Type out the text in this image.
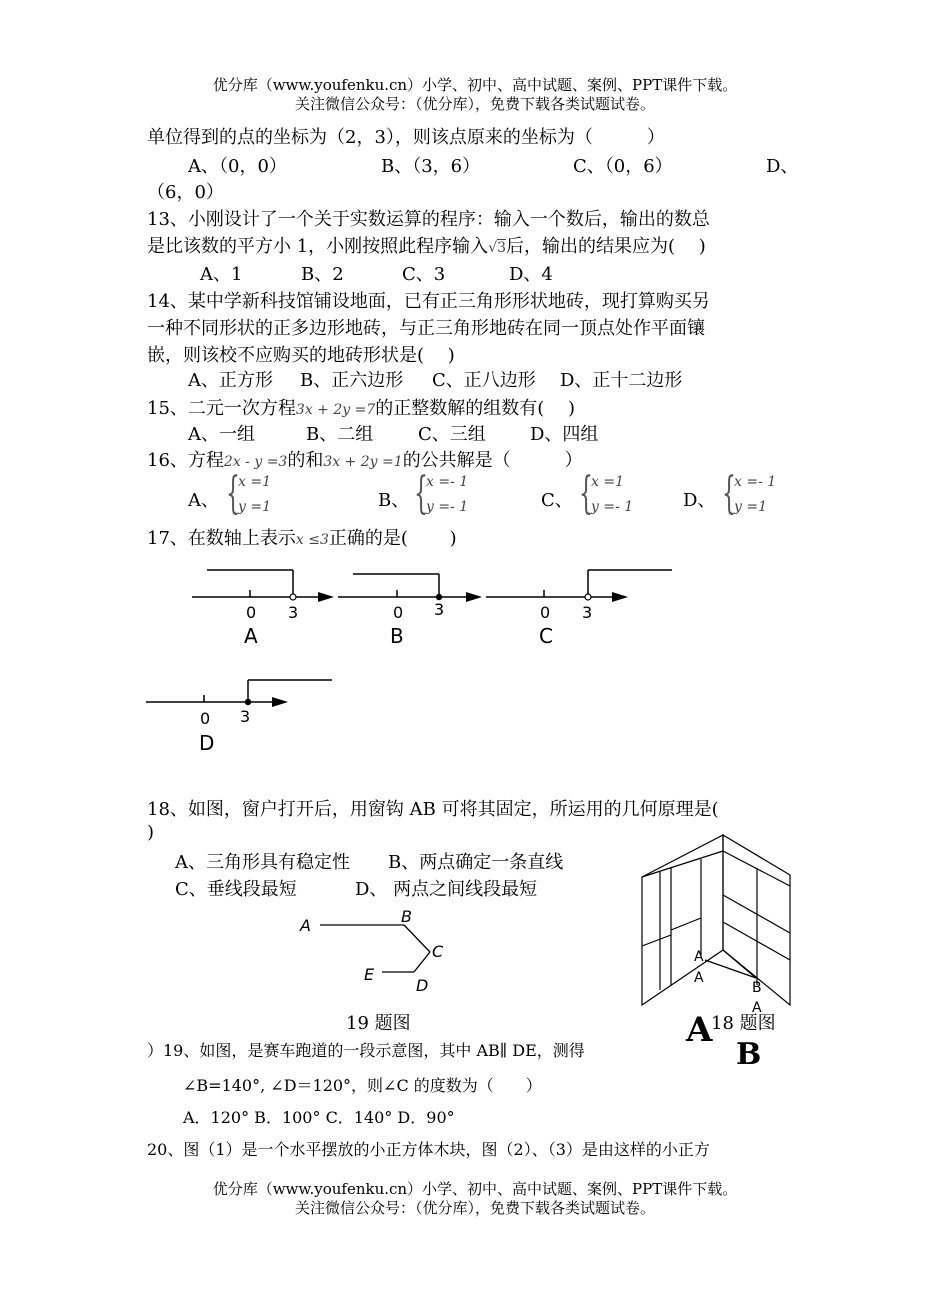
优分库（www.youfenku.cn）小学、初中、高中试题、案例、PPT课件下载。
关注微信公众号：（优分库），免费下载各类试题试卷。
单位得到的点的坐标为（2，3），则该点原来的坐标为（　　　）
A、（0，0）	B、（3，6）	C、（0，6）	D、
（6，0）
13、小刚设计了一个关于实数运算的程序：输入一个数后，输出的数总
是比该数的平方小 1，小刚按照此程序输入√3后，输出的结果应为(　 )
A、1	B、2	C、3	D、4
14、某中学新科技馆铺设地面，已有正三角形形状地砖，现打算购买另
一种不同形状的正多边形地砖，与正三角形地砖在同一顶点处作平面镶
嵌，则该校不应购买的地砖形状是(　 )
A、正方形 B、正六边形 C、正八边形 D、正十二边形
15、二元一次方程3x + 2y =7的正整数解的组数有(　 )
A、一组	B、二组 C、三组 D、四组
16、方程2x - y =3的和3x + 2y =1的公共解是（　　　）
A、 {
x =1
y =1	B、 {
x =- 1
y =- 1	C、 {
x =1
y =- 1	D、 {
x =- 1
y =1
17、在数轴上表示x ≤3正确的是(　　 )
0 3
A
0 3
B
0 3
C
0 3
D
18、如图，窗户打开后，用窗钩 AB 可将其固定，所运用的几何原理是(
)
A、三角形具有稳定性 B、两点确定一条直线
C、垂线段最短	D、 两点之间线段最短
A
A
B
A
18 题图
A
B
A	B
C
D
E
19 题图
）19、如图，是赛车跑道的一段示意图，其中 AB∥ DE，测得
∠B=140°, ∠D＝120°，则∠C 的度数为（　　）
A．120° B．100° C．140° D．90°
20、图（1）是一个水平摆放的小正方体木块，图（2）、（3）是由这样的小正方
优分库（www.youfenku.cn）小学、初中、高中试题、案例、PPT课件下载。
关注微信公众号：（优分库），免费下载各类试题试卷。
